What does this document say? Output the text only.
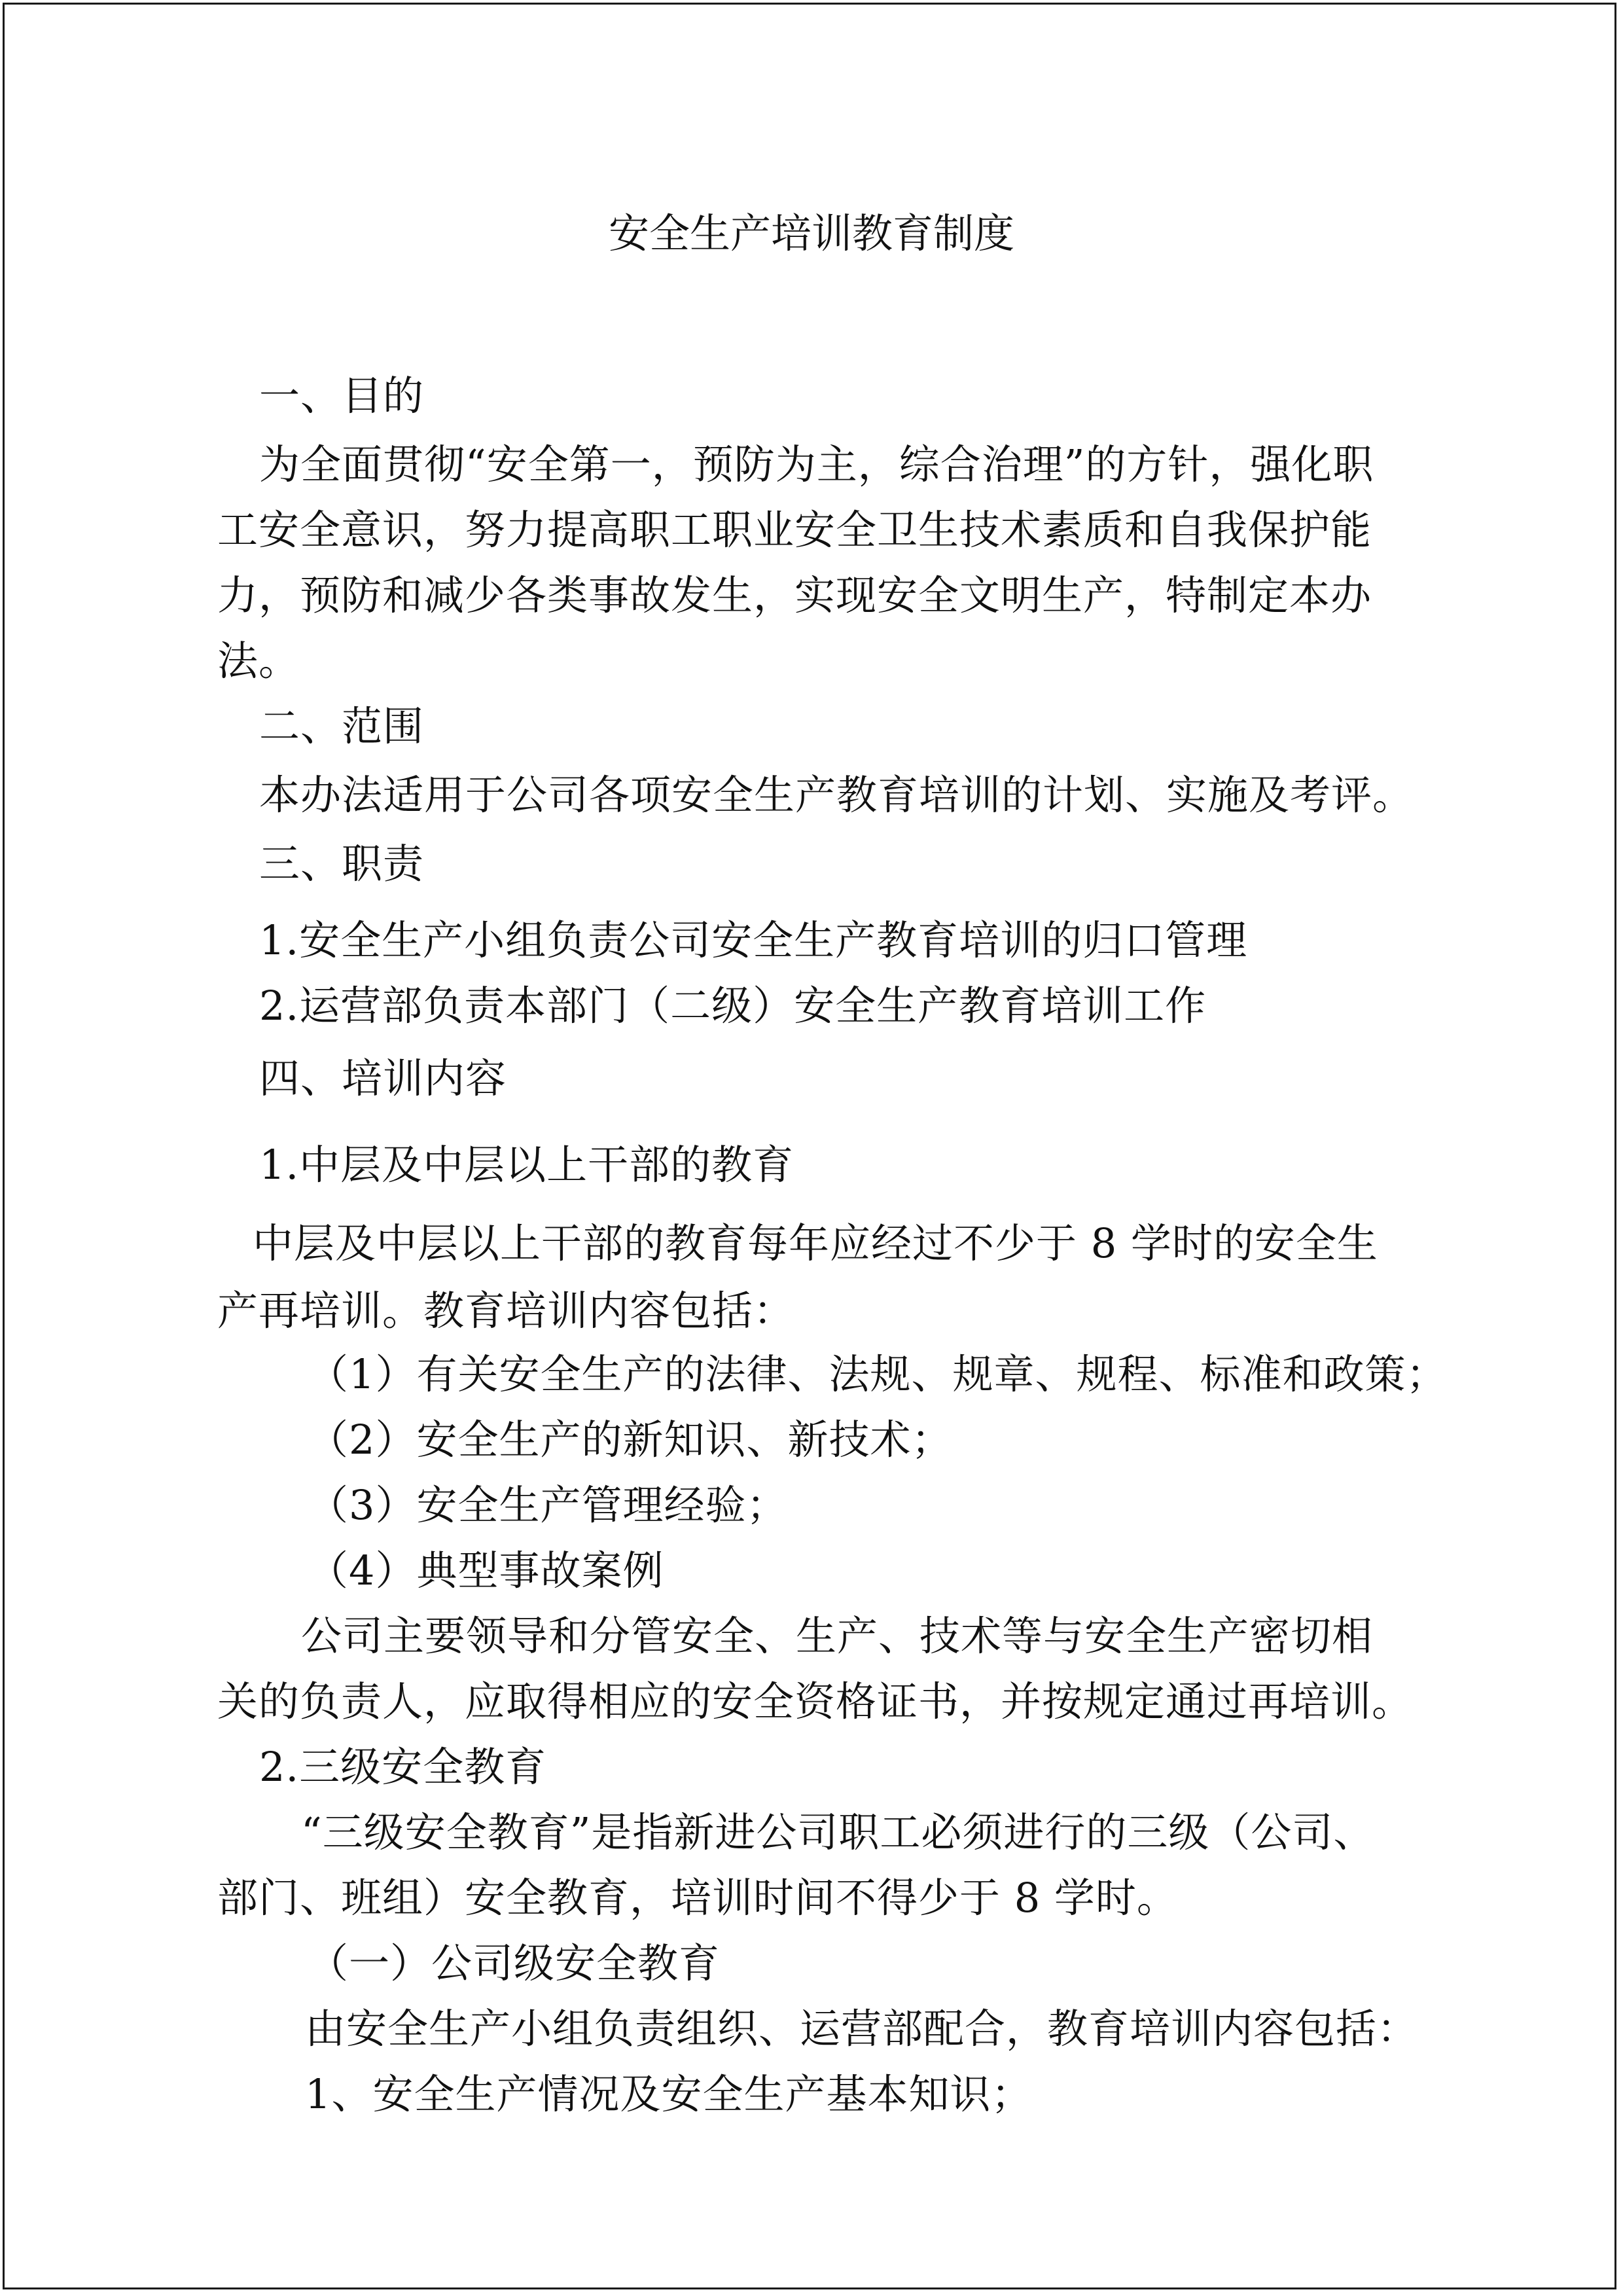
安全生产培训教育制度
一、目的
为全面贯彻“安全第一，预防为主，综合治理”的方针，强化职
工安全意识，努力提高职工职业安全卫生技术素质和自我保护能
力，预防和减少各类事故发生，实现安全文明生产，特制定本办
法。
二、范围
本办法适用于公司各项安全生产教育培训的计划、实施及考评。
三、职责
1.安全生产小组负责公司安全生产教育培训的归口管理
2.运营部负责本部门（二级）安全生产教育培训工作
四、培训内容
1.中层及中层以上干部的教育
中层及中层以上干部的教育每年应经过不少于 8 学时的安全生
产再培训。教育培训内容包括：
（1）有关安全生产的法律、法规、规章、规程、标准和政策；
（2）安全生产的新知识、新技术；
（3）安全生产管理经验；
（4）典型事故案例
公司主要领导和分管安全、生产、技术等与安全生产密切相
关的负责人，应取得相应的安全资格证书，并按规定通过再培训。
2.三级安全教育
“三级安全教育”是指新进公司职工必须进行的三级（公司、
部门、班组）安全教育，培训时间不得少于 8 学时。
（一）公司级安全教育
由安全生产小组负责组织、运营部配合，教育培训内容包括：
1、安全生产情况及安全生产基本知识；
